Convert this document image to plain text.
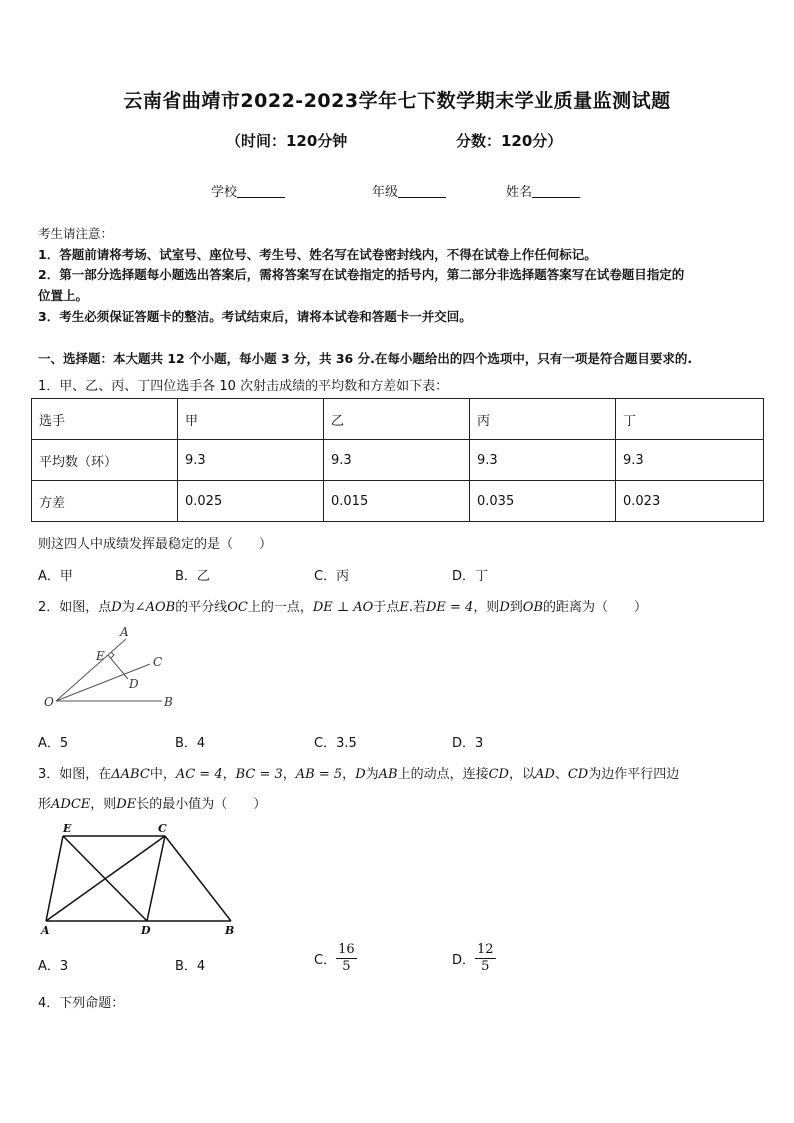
云南省曲靖市2022-2023学年七下数学期末学业质量监测试题
（时间：120分钟	分数：120分）
学校	年级	姓名
考生请注意：
1．答题前请将考场、试室号、座位号、考生号、姓名写在试卷密封线内，不得在试卷上作任何标记。
2．第一部分选择题每小题选出答案后，需将答案写在试卷指定的括号内，第二部分非选择题答案写在试卷题目指定的
位置上。
3．考生必须保证答题卡的整洁。考试结束后，请将本试卷和答题卡一并交回。
一、选择题：本大题共 12 个小题，每小题 3 分，共 36 分.在每小题给出的四个选项中，只有一项是符合题目要求的.
1．甲、乙、丙、丁四位选手各 10 次射击成绩的平均数和方差如下表：
选手	甲	乙	丙	丁
平均数（环）	9.3	9.3	9.3	9.3
方差	0.025	0.015	0.035	0.023
则这四人中成绩发挥最稳定的是（　　）
A．甲	B．乙	C．丙	D．丁
2．如图，点D为∠AOB的平分线OC上的一点，DE ⊥ AO于点E.若DE = 4，则D到OB的距离为（　　）
A
E	C
D
O	B
A．5	B．4	C．3.5	D．3
3．如图，在ΔABC中，AC = 4，BC = 3，AB = 5，D为AB上的动点，连接CD，以AD、CD为边作平行四边
形ADCE，则DE长的最小值为（　　）
E	C
A	D	B
A．3	B．4	C． $\frac{16}{5}$	D． $\frac{12}{5}$
4．下列命题：
